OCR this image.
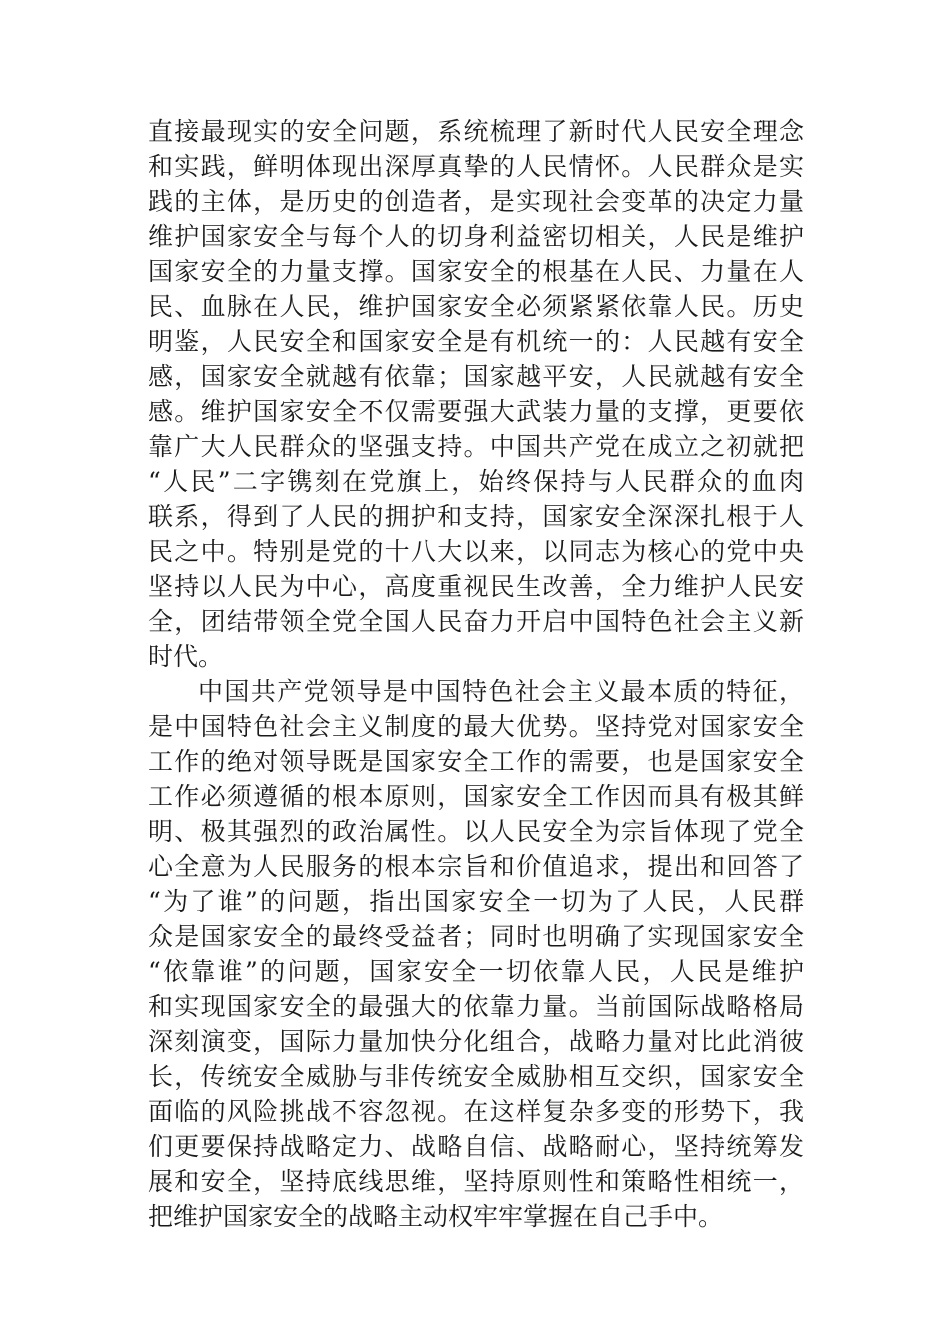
直接最现实的安全问题，系统梳理了新时代人民安全理念
和实践，鲜明体现出深厚真挚的人民情怀。人民群众是实
践的主体，是历史的创造者，是实现社会变革的决定力量
维护国家安全与每个人的切身利益密切相关，人民是维护
国家安全的力量支撑。国家安全的根基在人民、力量在人
民、血脉在人民，维护国家安全必须紧紧依靠人民。历史
明鉴，人民安全和国家安全是有机统一的：人民越有安全
感，国家安全就越有依靠；国家越平安，人民就越有安全
感。维护国家安全不仅需要强大武装力量的支撑，更要依
靠广大人民群众的坚强支持。中国共产党在成立之初就把
“人民”二字镌刻在党旗上，始终保持与人民群众的血肉
联系，得到了人民的拥护和支持，国家安全深深扎根于人
民之中。特别是党的十八大以来，以同志为核心的党中央
坚持以人民为中心，高度重视民生改善，全力维护人民安
全，团结带领全党全国人民奋力开启中国特色社会主义新
时代。
中国共产党领导是中国特色社会主义最本质的特征，
是中国特色社会主义制度的最大优势。坚持党对国家安全
工作的绝对领导既是国家安全工作的需要，也是国家安全
工作必须遵循的根本原则，国家安全工作因而具有极其鲜
明、极其强烈的政治属性。以人民安全为宗旨体现了党全
心全意为人民服务的根本宗旨和价值追求，提出和回答了
“为了谁”的问题，指出国家安全一切为了人民，人民群
众是国家安全的最终受益者；同时也明确了实现国家安全
“依靠谁”的问题，国家安全一切依靠人民，人民是维护
和实现国家安全的最强大的依靠力量。当前国际战略格局
深刻演变，国际力量加快分化组合，战略力量对比此消彼
长，传统安全威胁与非传统安全威胁相互交织，国家安全
面临的风险挑战不容忽视。在这样复杂多变的形势下，我
们更要保持战略定力、战略自信、战略耐心，坚持统筹发
展和安全，坚持底线思维，坚持原则性和策略性相统一，
把维护国家安全的战略主动权牢牢掌握在自己手中。
